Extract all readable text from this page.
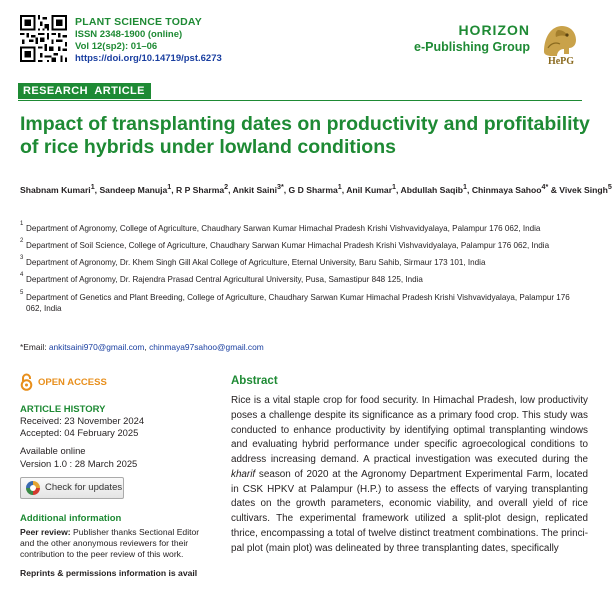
PLANT SCIENCE TODAY
ISSN 2348-1900 (online)
Vol 12(sp2): 01–06
https://doi.org/10.14719/pst.6273
HORIZON
e-Publishing Group
HePG
RESEARCH  ARTICLE
Impact of transplanting dates on productivity and profitability of rice hybrids under lowland conditions
Shabnam Kumari$^1$, Sandeep Manuja$^1$, R P Sharma$^2$, Ankit Saini$^{3*}$, G D Sharma$^1$, Anil Kumar$^1$, Abdullah Saqib$^1$, Chinmaya Sahoo$^{4*}$ & Vivek Singh$^5$
1 Department of Agronomy, College of Agriculture, Chaudhary Sarwan Kumar Himachal Pradesh Krishi Vishvavidyalaya, Palampur 176 062, India
2 Department of Soil Science, College of Agriculture, Chaudhary Sarwan Kumar Himachal Pradesh Krishi Vishvavidyalaya, Palampur 176 062, India
3 Department of Agronomy, Dr. Khem Singh Gill Akal College of Agriculture, Eternal University, Baru Sahib, Sirmaur 173 101, India
4 Department of Agronomy, Dr. Rajendra Prasad Central Agricultural University, Pusa, Samastipur 848 125, India
5 Department of Genetics and Plant Breeding, College of Agriculture, Chaudhary Sarwan Kumar Himachal Pradesh Krishi Vishvavidyalaya, Palampur 176 062, India
*Email: ankitsaini970@gmail.com, chinmaya97sahoo@gmail.com
OPEN ACCESS
ARTICLE HISTORY
Received: 23 November 2024
Accepted: 04 February 2025
Available online
Version 1.0 : 28 March 2025
Check for updates
Additional information
Peer review: Publisher thanks Sectional Editor and the other anonymous reviewers for their contribution to the peer review of this work.
Reprints & permissions information is avail
Abstract

Rice is a vital staple crop for food security. In Himachal Pradesh, low productivity poses a challenge despite its significance as a primary food crop. This study was conducted to enhance productivity by identifying optimal transplanting windows and evaluating hybrid performance under specific agroecological conditions to address increasing demand. A practical investigation was executed during the kharif season of 2020 at the Agronomy Department Experimental Farm, located in CSK HPKV at Palampur (H.P.) to assess the effects of varying transplanting dates on the growth parameters, economic viability, and overall yield of rice cultivars. The experimental framework utilized a split-plot design, replicated thrice, encompassing a total of twelve distinct treatment combinations. The principal plot (main plot) was delineated by three transplanting dates, specifically
